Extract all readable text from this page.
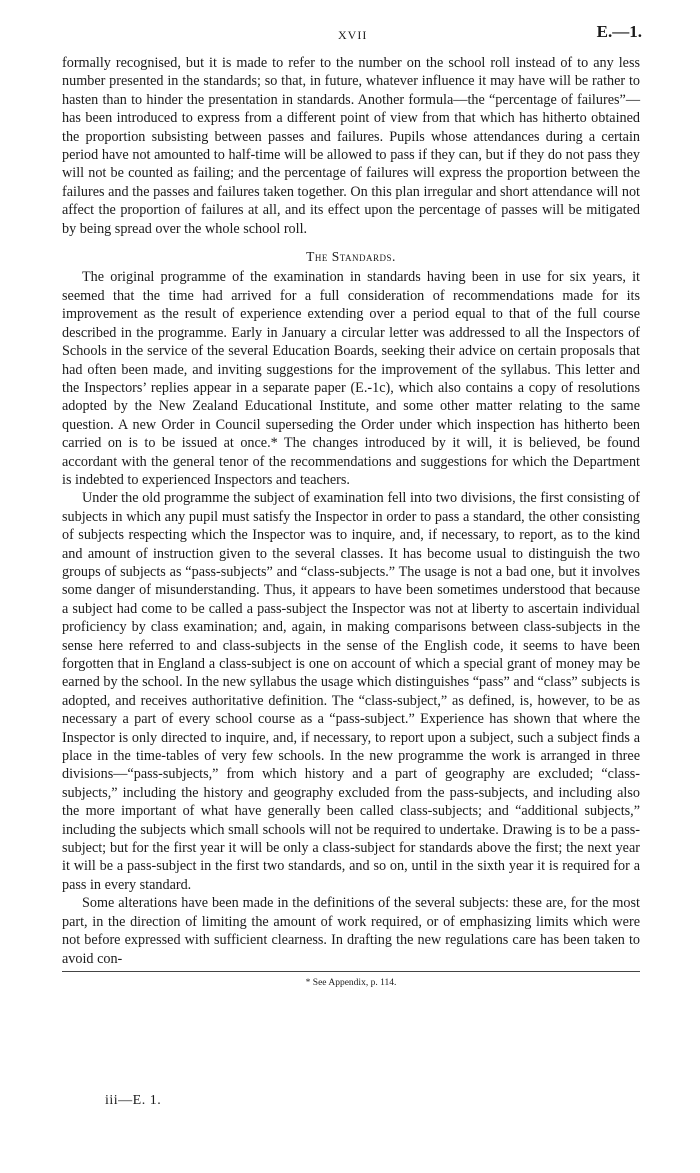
XVII	E.—1.

formally recognised, but it is made to refer to the number on the school roll instead of to any less number presented in the standards; so that, in future, whatever influence it may have will be rather to hasten than to hinder the presentation in standards. Another formula—the “percentage of failures”—has been introduced to express from a different point of view from that which has hitherto obtained the proportion subsisting between passes and failures. Pupils whose attendances during a certain period have not amounted to half-time will be allowed to pass if they can, but if they do not pass they will not be counted as failing; and the percentage of failures will express the proportion between the failures and the passes and failures taken together. On this plan irregular and short attendance will not affect the proportion of failures at all, and its effect upon the percentage of passes will be mitigated by being spread over the whole school roll.

The Standards.

The original programme of the examination in standards having been in use for six years, it seemed that the time had arrived for a full consideration of recommendations made for its improvement as the result of experience extending over a period equal to that of the full course described in the programme. Early in January a circular letter was addressed to all the Inspectors of Schools in the service of the several Education Boards, seeking their advice on certain proposals that had often been made, and inviting suggestions for the improvement of the syllabus. This letter and the Inspectors’ replies appear in a separate paper (E.-1c), which also contains a copy of resolutions adopted by the New Zealand Educational Institute, and some other matter relating to the same question. A new Order in Council superseding the Order under which inspection has hitherto been carried on is to be issued at once.* The changes introduced by it will, it is believed, be found accordant with the general tenor of the recommendations and suggestions for which the Department is indebted to experienced Inspectors and teachers.

Under the old programme the subject of examination fell into two divisions, the first consisting of subjects in which any pupil must satisfy the Inspector in order to pass a standard, the other consisting of subjects respecting which the Inspector was to inquire, and, if necessary, to report, as to the kind and amount of instruction given to the several classes. It has become usual to distinguish the two groups of subjects as “pass-subjects” and “class-subjects.” The usage is not a bad one, but it involves some danger of misunderstanding. Thus, it appears to have been sometimes understood that because a subject had come to be called a pass-subject the Inspector was not at liberty to ascertain individual proficiency by class examination; and, again, in making comparisons between class-subjects in the sense here referred to and class-subjects in the sense of the English code, it seems to have been forgotten that in England a class-subject is one on account of which a special grant of money may be earned by the school. In the new syllabus the usage which distinguishes “pass” and “class” subjects is adopted, and receives authoritative definition. The “class-subject,” as defined, is, however, to be as necessary a part of every school course as a “pass-subject.” Experience has shown that where the Inspector is only directed to inquire, and, if necessary, to report upon a subject, such a subject finds a place in the time-tables of very few schools. In the new programme the work is arranged in three divisions—“pass-subjects,” from which history and a part of geography are excluded; “class-subjects,” including the history and geography excluded from the pass-subjects, and including also the more important of what have generally been called class-subjects; and “additional subjects,” including the subjects which small schools will not be required to undertake. Drawing is to be a pass-subject; but for the first year it will be only a class-subject for standards above the first; the next year it will be a pass-subject in the first two standards, and so on, until in the sixth year it is required for a pass in every standard.

Some alterations have been made in the definitions of the several subjects: these are, for the most part, in the direction of limiting the amount of work required, or of emphasizing limits which were not before expressed with sufficient clearness. In drafting the new regulations care has been taken to avoid con-

* See Appendix, p. 114.
iii—E. 1.
